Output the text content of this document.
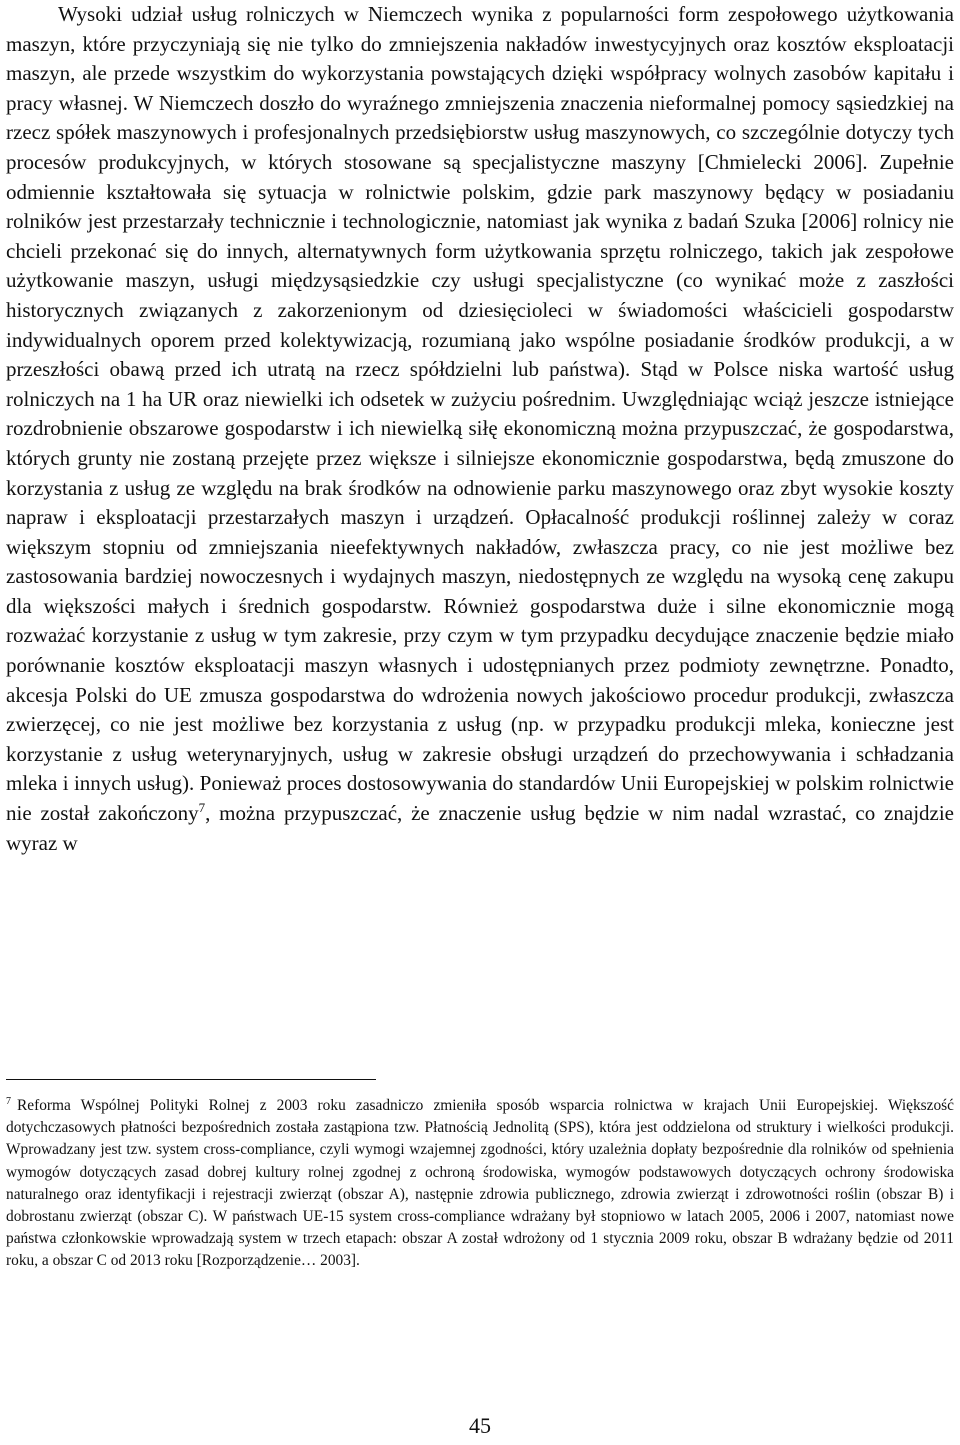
Wysoki udział usług rolniczych w Niemczech wynika z popularności form zespołowego użytkowania maszyn, które przyczyniają się nie tylko do zmniejszenia nakładów inwestycyjnych oraz kosztów eksploatacji maszyn, ale przede wszystkim do wykorzystania powstających dzięki współpracy wolnych zasobów kapitału i pracy własnej. W Niemczech doszło do wyraźnego zmniejszenia znaczenia nieformalnej pomocy sąsiedzkiej na rzecz spółek maszynowych i profesjonalnych przedsiębiorstw usług maszynowych, co szczególnie dotyczy tych procesów produkcyjnych, w których stosowane są specjalistyczne maszyny [Chmielecki 2006]. Zupełnie odmiennie kształtowała się sytuacja w rolnictwie polskim, gdzie park maszynowy będący w posiadaniu rolników jest przestarzały technicznie i technologicznie, natomiast jak wynika z badań Szuka [2006] rolnicy nie chcieli przekonać się do innych, alternatywnych form użytkowania sprzętu rolniczego, takich jak zespołowe użytkowanie maszyn, usługi międzysąsiedzkie czy usługi specjalistyczne (co wynikać może z zaszłości historycznych związanych z zakorzenionym od dziesięcioleci w świadomości właścicieli gospodarstw indywidualnych oporem przed kolektywizacją, rozumianą jako wspólne posiadanie środków produkcji, a w przeszłości obawą przed ich utratą na rzecz spółdzielni lub państwa). Stąd w Polsce niska wartość usług rolniczych na 1 ha UR oraz niewielki ich odsetek w zużyciu pośrednim. Uwzględniając wciąż jeszcze istniejące rozdrobnienie obszarowe gospodarstw i ich niewielką siłę ekonomiczną można przypuszczać, że gospodarstwa, których grunty nie zostaną przejęte przez większe i silniejsze ekonomicznie gospodarstwa, będą zmuszone do korzystania z usług ze względu na brak środków na odnowienie parku maszynowego oraz zbyt wysokie koszty napraw i eksploatacji przestarzałych maszyn i urządzeń. Opłacalność produkcji roślinnej zależy w coraz większym stopniu od zmniejszania nieefektywnych nakładów, zwłaszcza pracy, co nie jest możliwe bez zastosowania bardziej nowoczesnych i wydajnych maszyn, niedostępnych ze względu na wysoką cenę zakupu dla większości małych i średnich gospodarstw. Również gospodarstwa duże i silne ekonomicznie mogą rozważać korzystanie z usług w tym zakresie, przy czym w tym przypadku decydujące znaczenie będzie miało porównanie kosztów eksploatacji maszyn własnych i udostępnianych przez podmioty zewnętrzne. Ponadto, akcesja Polski do UE zmusza gospodarstwa do wdrożenia nowych jakościowo procedur produkcji, zwłaszcza zwierzęcej, co nie jest możliwe bez korzystania z usług (np. w przypadku produkcji mleka, konieczne jest korzystanie z usług weterynaryjnych, usług w zakresie obsługi urządzeń do przechowywania i schładzania mleka i innych usług). Ponieważ proces dostosowywania do standardów Unii Europejskiej w polskim rolnictwie nie został zakończony$^7$, można przypuszczać, że znaczenie usług będzie w nim nadal wzrastać, co znajdzie wyraz w

$^7$ Reforma Wspólnej Polityki Rolnej z 2003 roku zasadniczo zmieniła sposób wsparcia rolnictwa w krajach Unii Europejskiej. Większość dotychczasowych płatności bezpośrednich została zastąpiona tzw. Płatnością Jednolitą (SPS), która jest oddzielona od struktury i wielkości produkcji. Wprowadzany jest tzw. system cross-compliance, czyli wymogi wzajemnej zgodności, który uzależnia dopłaty bezpośrednie dla rolników od spełnienia wymogów dotyczących zasad dobrej kultury rolnej zgodnej z ochroną środowiska, wymogów podstawowych dotyczących ochrony środowiska naturalnego oraz identyfikacji i rejestracji zwierząt (obszar A), następnie zdrowia publicznego, zdrowia zwierząt i zdrowotności roślin (obszar B) i dobrostanu zwierząt (obszar C). W państwach UE-15 system cross-compliance wdrażany był stopniowo w latach 2005, 2006 i 2007, natomiast nowe państwa członkowskie wprowadzają system w trzech etapach: obszar A został wdrożony od 1 stycznia 2009 roku, obszar B wdrażany będzie od 2011 roku, a obszar C od 2013 roku [Rozporządzenie… 2003].

45
